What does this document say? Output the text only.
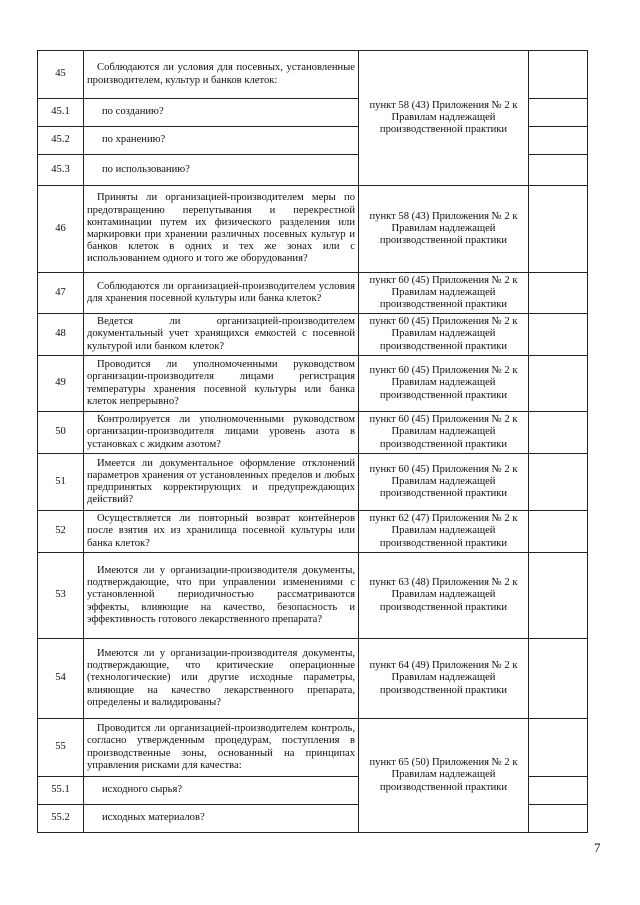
45	Соблюдаются ли условия для посевных, установленные производителем, культур и банков клеток:	пункт 58 (43) Приложения № 2 к Правилам надлежащей производственной практики	
45.1	по созданию?		
45.2	по хранению?		
45.3	по использованию?		
46	Приняты ли организацией-производителем меры по предотвращению перепутывания и перекрестной контаминации путем их физического разделения или маркировки при хранении различных посевных культур и банков клеток в одних и тех же зонах или с использованием одного и того же оборудования?	пункт 58 (43) Приложения № 2 к Правилам надлежащей производственной практики	
47	Соблюдаются ли организацией-производителем условия для хранения посевной культуры или банка клеток?	пункт 60 (45) Приложения № 2 к Правилам надлежащей производственной практики	
48	Ведется ли организацией-производителем документальный учет хранящихся емкостей с посевной культурой или банком клеток?	пункт 60 (45) Приложения № 2 к Правилам надлежащей производственной практики	
49	Проводится ли уполномоченными руководством организации-производителя лицами регистрация температуры хранения посевной культуры или банка клеток непрерывно?	пункт 60 (45) Приложения № 2 к Правилам надлежащей производственной практики	
50	Контролируется ли уполномоченными руководством организации-производителя лицами уровень азота в установках с жидким азотом?	пункт 60 (45) Приложения № 2 к Правилам надлежащей производственной практики	
51	Имеется ли документальное оформление отклонений параметров хранения от установленных пределов и любых предпринятых корректирующих и предупреждающих действий?	пункт 60 (45) Приложения № 2 к Правилам надлежащей производственной практики	
52	Осуществляется ли повторный возврат контейнеров после взятия их из хранилища посевной культуры или банка клеток?	пункт 62 (47) Приложения № 2 к Правилам надлежащей производственной практики	
53	Имеются ли у организации-производителя документы, подтверждающие, что при управлении изменениями с установленной периодичностью рассматриваются эффекты, влияющие на качество, безопасность и эффективность готового лекарственного препарата?	пункт 63 (48) Приложения № 2 к Правилам надлежащей производственной практики	
54	Имеются ли у организации-производителя документы, подтверждающие, что критические операционные (технологические) или другие исходные параметры, влияющие на качество лекарственного препарата, определены и валидированы?	пункт 64 (49) Приложения № 2 к Правилам надлежащей производственной практики	
55	Проводится ли организацией-производителем контроль, согласно утвержденным процедурам, поступления в производственные зоны, основанный на принципах управления рисками для качества:	пункт 65 (50) Приложения № 2 к Правилам надлежащей производственной практики	
55.1	исходного сырья?		
55.2	исходных материалов?		
7
